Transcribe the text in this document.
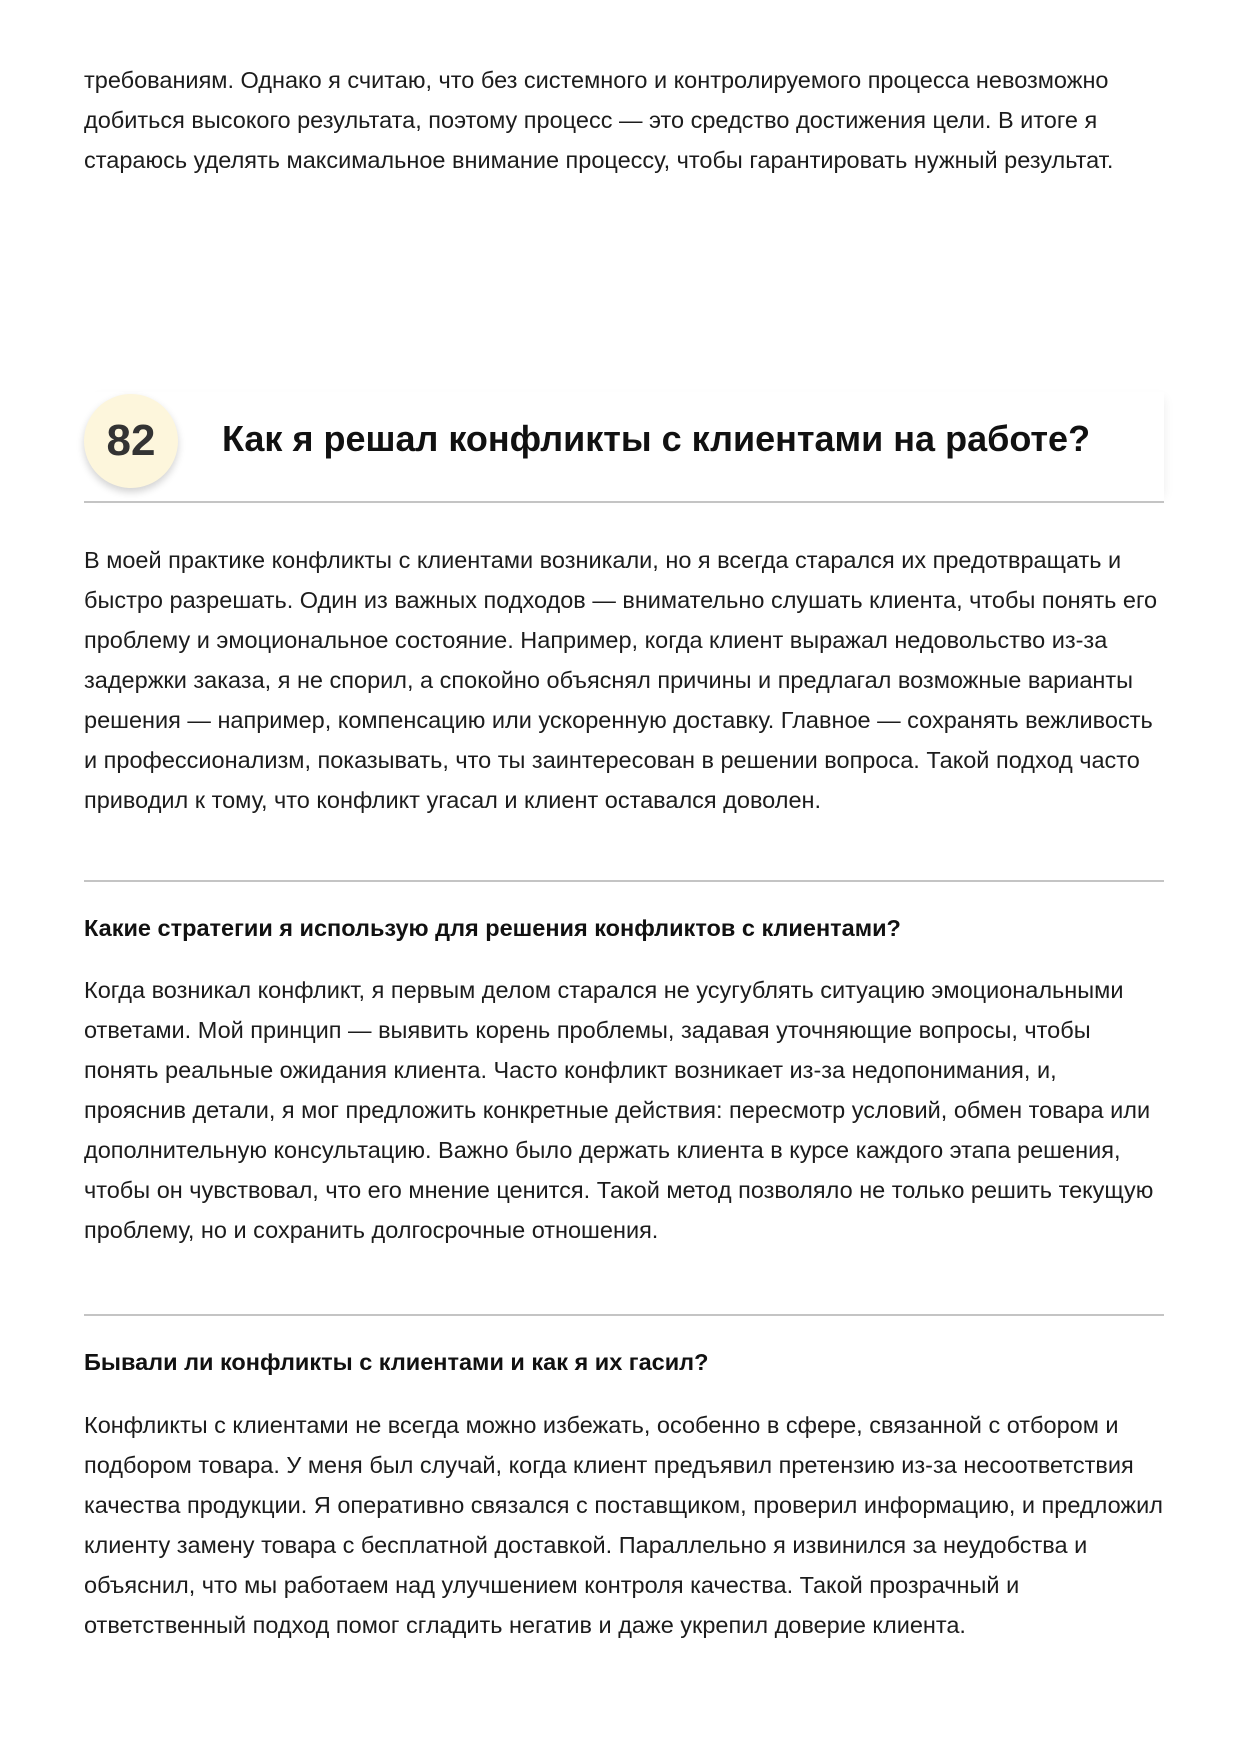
требованиям. Однако я считаю, что без системного и контролируемого процесса невозможно добиться высокого результата, поэтому процесс — это средство достижения цели. В итоге я стараюсь уделять максимальное внимание процессу, чтобы гарантировать нужный результат.

82	Как я решал конфликты с клиентами на работе?

В моей практике конфликты с клиентами возникали, но я всегда старался их предотвращать и быстро разрешать. Один из важных подходов — внимательно слушать клиента, чтобы понять его проблему и эмоциональное состояние. Например, когда клиент выражал недовольство из-за задержки заказа, я не спорил, а спокойно объяснял причины и предлагал возможные варианты решения — например, компенсацию или ускоренную доставку. Главное — сохранять вежливость и профессионализм, показывать, что ты заинтересован в решении вопроса. Такой подход часто приводил к тому, что конфликт угасал и клиент оставался доволен.

Какие стратегии я использую для решения конфликтов с клиентами?

Когда возникал конфликт, я первым делом старался не усугублять ситуацию эмоциональными ответами. Мой принцип — выявить корень проблемы, задавая уточняющие вопросы, чтобы понять реальные ожидания клиента. Часто конфликт возникает из-за недопонимания, и, прояснив детали, я мог предложить конкретные действия: пересмотр условий, обмен товара или дополнительную консультацию. Важно было держать клиента в курсе каждого этапа решения, чтобы он чувствовал, что его мнение ценится. Такой метод позволяло не только решить текущую проблему, но и сохранить долгосрочные отношения.

Бывали ли конфликты с клиентами и как я их гасил?

Конфликты с клиентами не всегда можно избежать, особенно в сфере, связанной с отбором и подбором товара. У меня был случай, когда клиент предъявил претензию из-за несоответствия качества продукции. Я оперативно связался с поставщиком, проверил информацию, и предложил клиенту замену товара с бесплатной доставкой. Параллельно я извинился за неудобства и объяснил, что мы работаем над улучшением контроля качества. Такой прозрачный и ответственный подход помог сгладить негатив и даже укрепил доверие клиента.
